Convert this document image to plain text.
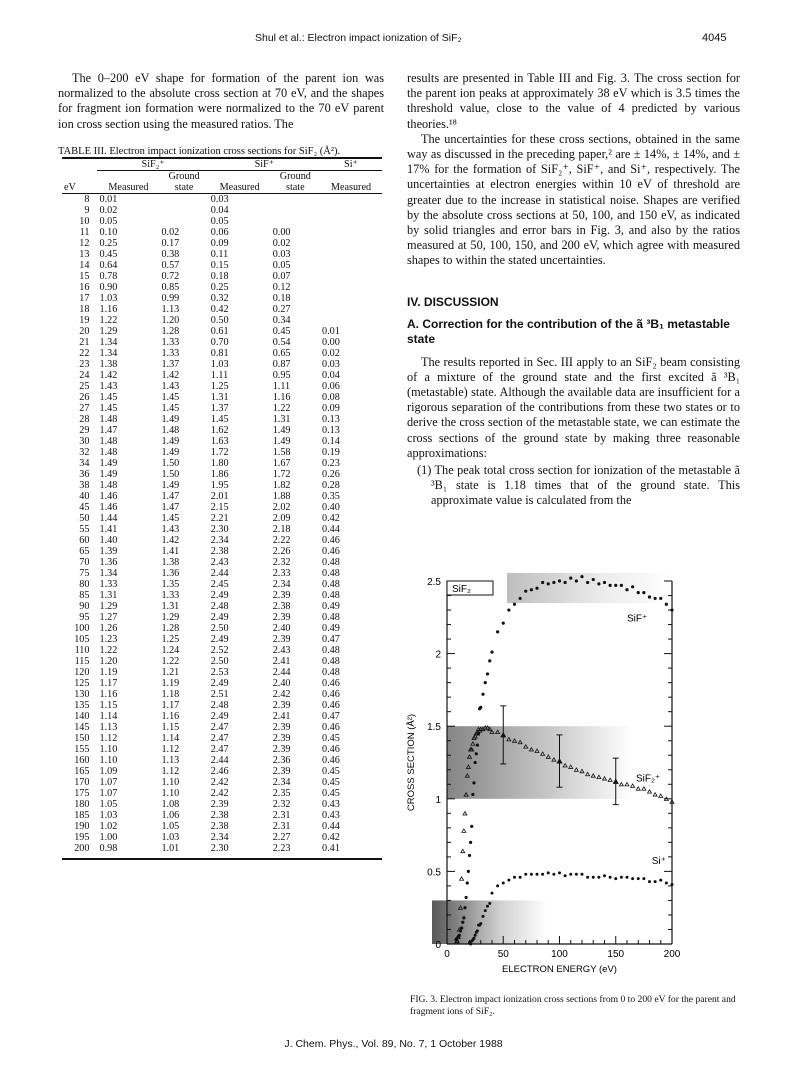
Shul et al.: Electron impact ionization of SiF₂	4045

The 0–200 eV shape for formation of the parent ion was normalized to the absolute cross section at 70 eV, and the shapes for fragment ion formation were normalized to the 70 eV parent ion cross section using the measured ratios. The

TABLE III. Electron impact ionization cross sections for SiF₂ (Å²).
	SiF₂⁺		SiF⁺		Si⁺
		Ground		Ground	
eV	Measured	state	Measured	state	Measured
8	0.01		0.03		
9	0.02		0.04		
10	0.05		0.05		
11	0.10	0.02	0.06	0.00	
12	0.25	0.17	0.09	0.02	
13	0.45	0.38	0.11	0.03	
14	0.64	0.57	0.15	0.05	
15	0.78	0.72	0.18	0.07	
16	0.90	0.85	0.25	0.12	
17	1.03	0.99	0.32	0.18	
18	1.16	1.13	0.42	0.27	
19	1.22	1.20	0.50	0.34	
20	1.29	1.28	0.61	0.45	0.01
21	1.34	1.33	0.70	0.54	0.00
22	1.34	1.33	0.81	0.65	0.02
23	1.38	1.37	1.03	0.87	0.03
24	1.42	1.42	1.11	0.95	0.04
25	1.43	1.43	1.25	1.11	0.06
26	1.45	1.45	1.31	1.16	0.08
27	1.45	1.45	1.37	1.22	0.09
28	1.48	1.49	1.45	1.31	0.13
29	1.47	1.48	1.62	1.49	0.13
30	1.48	1.49	1.63	1.49	0.14
32	1.48	1.49	1.72	1.58	0.19
34	1.49	1.50	1.80	1.67	0.23
36	1.49	1.50	1.86	1.72	0.26
38	1.48	1.49	1.95	1.82	0.28
40	1.46	1.47	2.01	1.88	0.35
45	1.46	1.47	2.15	2.02	0.40
50	1.44	1.45	2.21	2.09	0.42
55	1.41	1.43	2.30	2.18	0.44
60	1.40	1.42	2.34	2.22	0.46
65	1.39	1.41	2.38	2.26	0.46
70	1.36	1.38	2.43	2.32	0.48
75	1.34	1.36	2.44	2.33	0.48
80	1.33	1.35	2.45	2.34	0.48
85	1.31	1.33	2.49	2.39	0.48
90	1.29	1.31	2.48	2.38	0.49
95	1.27	1.29	2.49	2.39	0.48
100	1.26	1.28	2.50	2.40	0.49
105	1.23	1.25	2.49	2.39	0.47
110	1.22	1.24	2.52	2.43	0.48
115	1.20	1.22	2.50	2.41	0.48
120	1.19	1.21	2.53	2.44	0.48
125	1.17	1.19	2.49	2.40	0.46
130	1.16	1.18	2.51	2.42	0.46
135	1.15	1.17	2.48	2.39	0.46
140	1.14	1.16	2.49	2.41	0.47
145	1.13	1.15	2.47	2.39	0.46
150	1.12	1.14	2.47	2.39	0.45
155	1.10	1.12	2.47	2.39	0.46
160	1.10	1.13	2.44	2.36	0.46
165	1.09	1.12	2.46	2.39	0.45
170	1.07	1.10	2.42	2.34	0.45
175	1.07	1.10	2.42	2.35	0.45
180	1.05	1.08	2.39	2.32	0.43
185	1.03	1.06	2.38	2.31	0.43
190	1.02	1.05	2.38	2.31	0.44
195	1.00	1.03	2.34	2.27	0.42
200	0.98	1.01	2.30	2.23	0.41

results are presented in Table III and Fig. 3. The cross section for the parent ion peaks at approximately 38 eV which is 3.5 times the threshold value, close to the value of 4 predicted by various theories.¹⁸

The uncertainties for these cross sections, obtained in the same way as discussed in the preceding paper,² are ± 14%, ± 14%, and ± 17% for the formation of SiF₂⁺, SiF⁺, and Si⁺, respectively. The uncertainties at electron energies within 10 eV of threshold are greater due to the increase in statistical noise. Shapes are verified by the absolute cross sections at 50, 100, and 150 eV, as indicated by solid triangles and error bars in Fig. 3, and also by the ratios measured at 50, 100, 150, and 200 eV, which agree with measured shapes to within the stated uncertainties.

IV. DISCUSSION
A. Correction for the contribution of the ã ³B₁ metastable state

The results reported in Sec. III apply to an SiF₂ beam consisting of a mixture of the ground state and the first excited ã ³B₁ (metastable) state. Although the available data are insufficient for a rigorous separation of the contributions from these two states or to derive the cross section of the metastable state, we can estimate the cross sections of the ground state by making three reasonable approximations:

(1) The peak total cross section for ionization of the metastable ã ³B₁ state is 1.18 times that of the ground state. This approximate value is calculated from the
0	50	100	150	200
0
0.5
1
1.5
2
2.5
ELECTRON ENERGY (eV)
CROSS SECTION (Å²)
SiF₂
SiF⁺
SiF₂⁺
Si⁺
FIG. 3. Electron impact ionization cross sections from 0 to 200 eV for the parent and fragment ions of SiF₂.
J. Chem. Phys., Vol. 89, No. 7, 1 October 1988
